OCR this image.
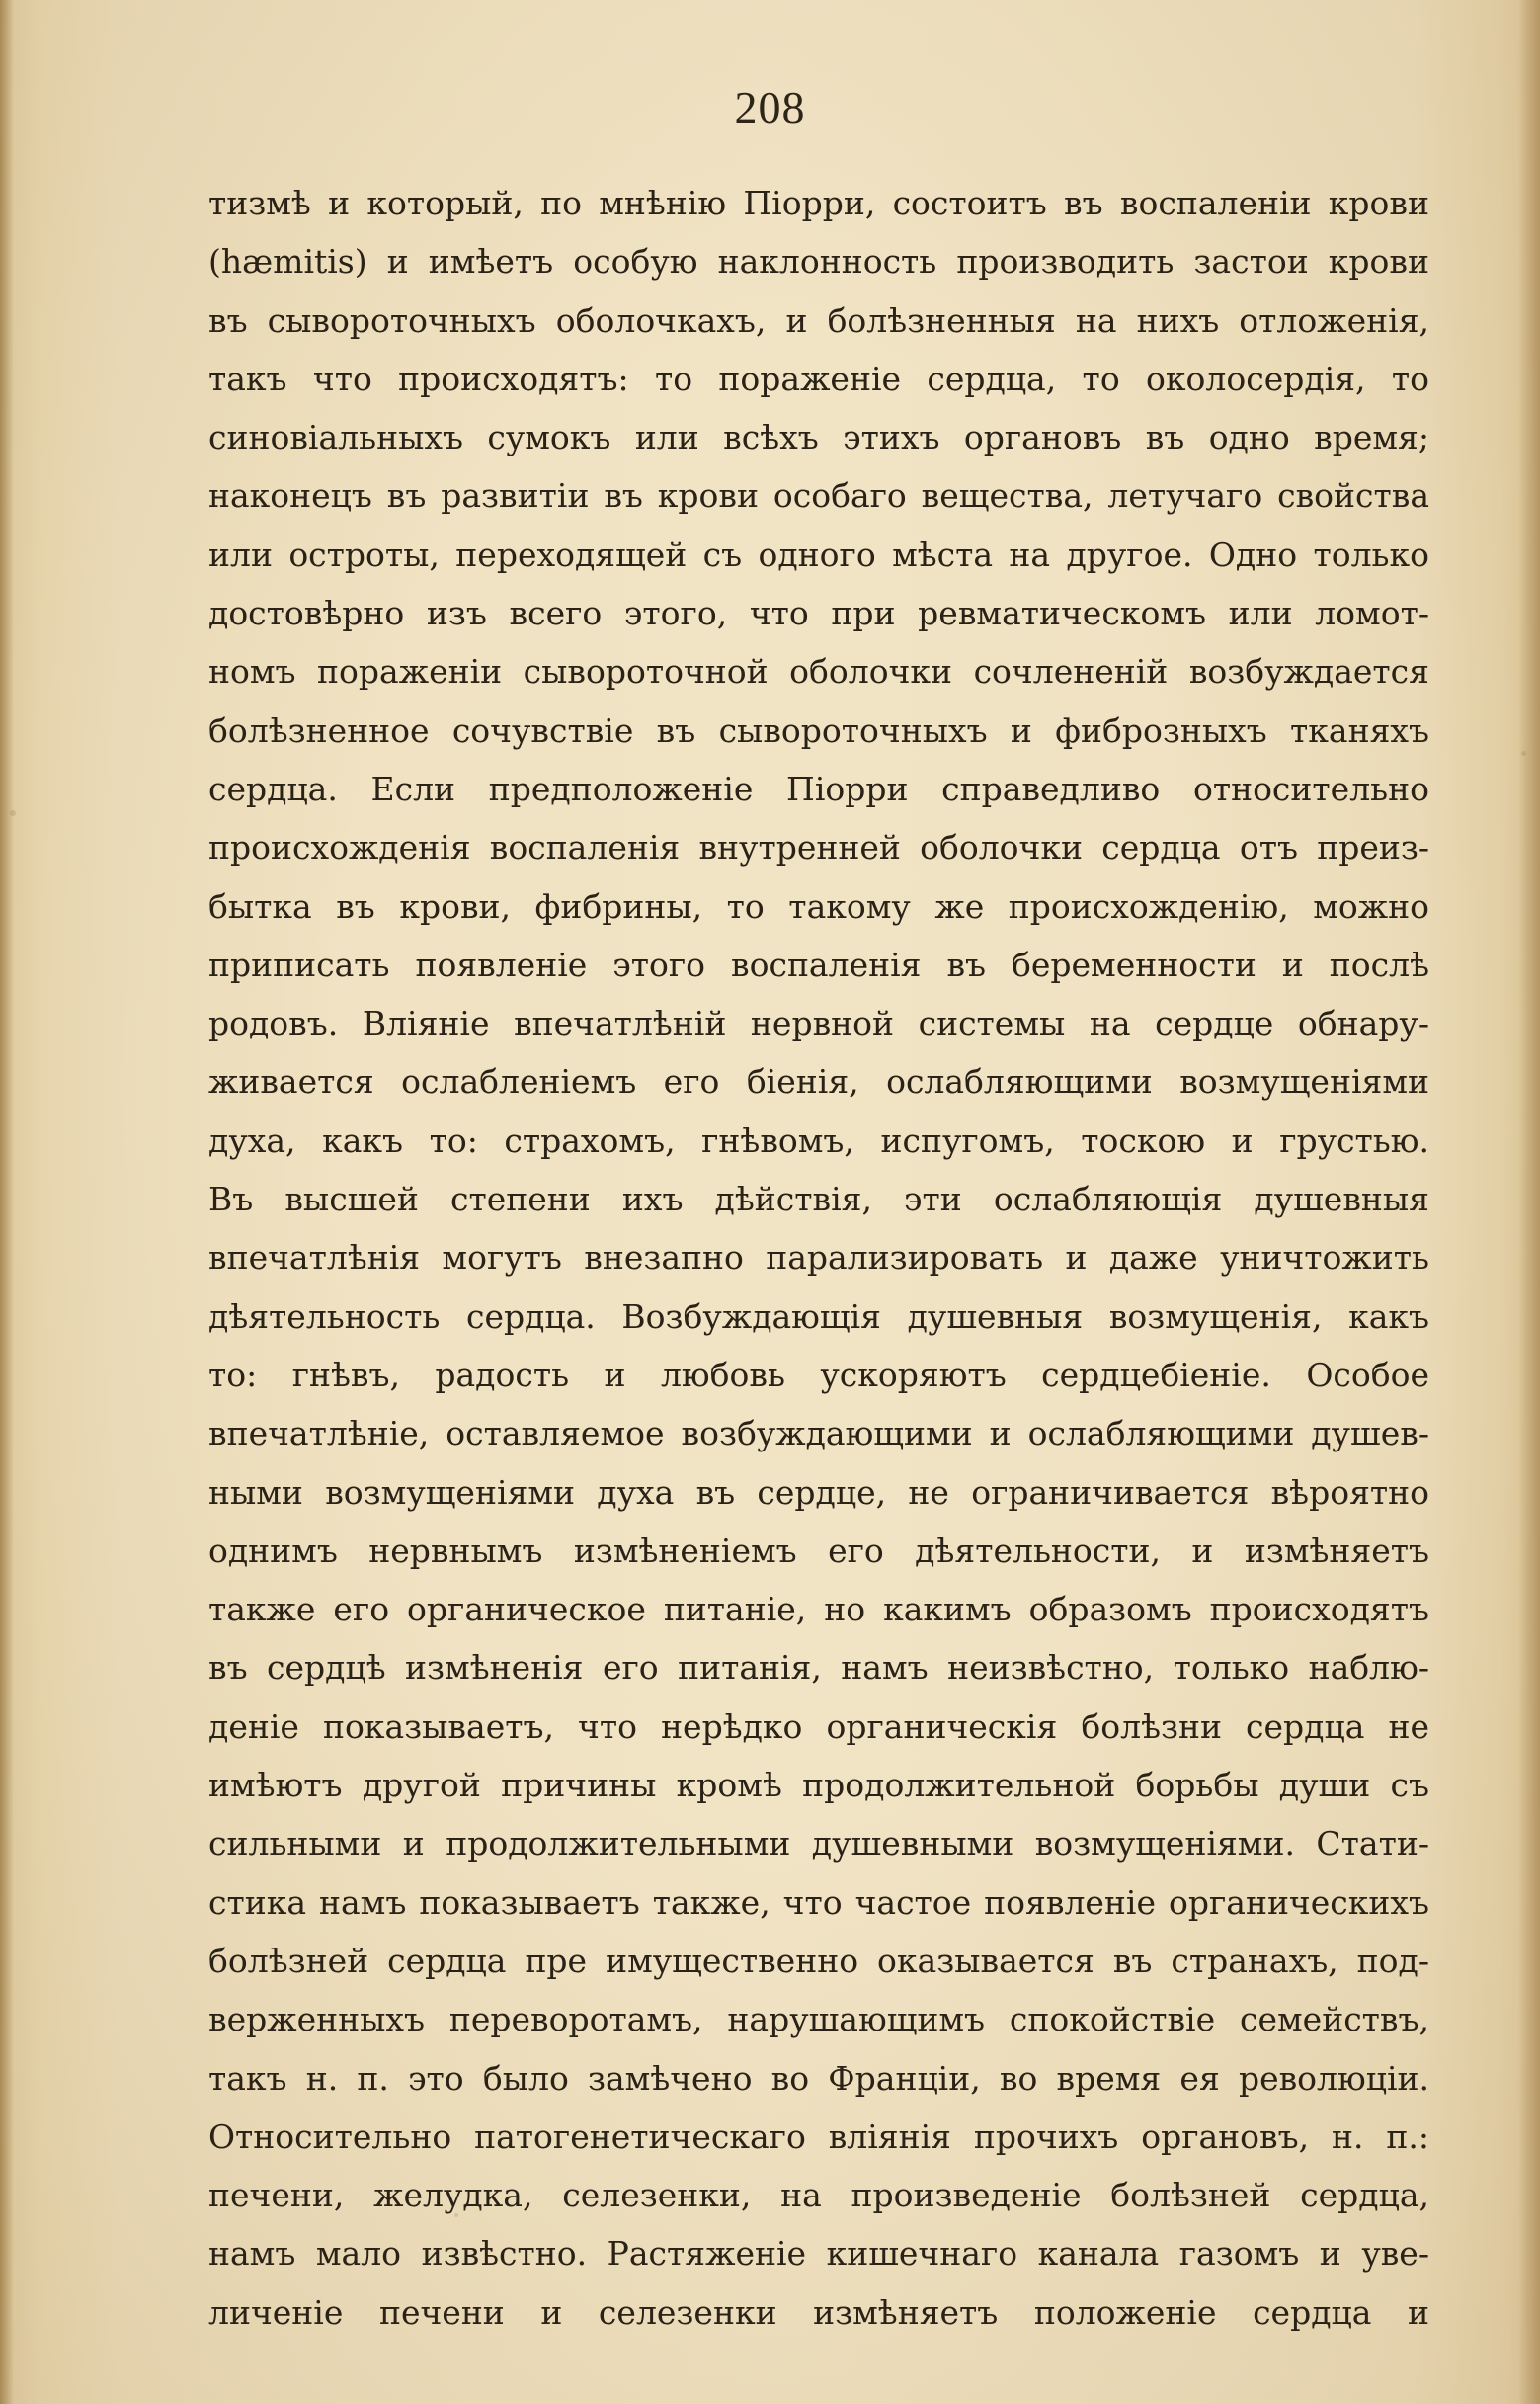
208
тизмѣ и который, по мнѣнію Піорри, состоитъ въ воспаленіи крови
(hæmitis) и имѣетъ особую наклонность производить застои крови
въ сывороточныхъ оболочкахъ, и болѣзненныя на нихъ отложенія,
такъ что происходятъ: то пораженіе сердца, то околосердія, то
синовіальныхъ сумокъ или всѣхъ этихъ органовъ въ одно время;
наконецъ въ развитіи въ крови особаго вещества, летучаго свойства
или остроты, переходящей съ одного мѣста на другое. Одно только
достовѣрно изъ всего этого, что при ревматическомъ или ломот-
номъ пораженіи сывороточной оболочки сочлененій возбуждается
болѣзненное сочувствіе въ сывороточныхъ и фиброзныхъ тканяхъ
сердца. Если предположеніе Піорри справедливо относительно
происхожденія воспаленія внутренней оболочки сердца отъ преиз-
бытка въ крови, фибрины, то такому же происхожденію, можно
приписать появленіе этого воспаленія въ беременности и послѣ
родовъ. Вліяніе впечатлѣній нервной системы на сердце обнару-
живается ослабленіемъ его біенія, ослабляющими возмущеніями
духа, какъ то: страхомъ, гнѣвомъ, испугомъ, тоскою и грустью.
Въ высшей степени ихъ дѣйствія, эти ослабляющія душевныя
впечатлѣнія могутъ внезапно парализировать и даже уничтожить
дѣятельность сердца. Возбуждающія душевныя возмущенія, какъ
то: гнѣвъ, радость и любовь ускоряютъ сердцебіеніе. Особое
впечатлѣніе, оставляемое возбуждающими и ослабляющими душев-
ными возмущеніями духа въ сердце, не ограничивается вѣроятно
однимъ нервнымъ измѣненіемъ его дѣятельности, и измѣняетъ
также его органическое питаніе, но какимъ образомъ происходятъ
въ сердцѣ измѣненія его питанія, намъ неизвѣстно, только наблю-
деніе показываетъ, что нерѣдко органическія болѣзни сердца не
имѣютъ другой причины кромѣ продолжительной борьбы души съ
сильными и продолжительными душевными возмущеніями. Стати-
стика намъ показываетъ также, что частое появленіе органическихъ
болѣзней сердца пре имущественно оказывается въ странахъ, под-
верженныхъ переворотамъ, нарушающимъ спокойствіе семействъ,
такъ н. п. это было замѣчено во Франціи, во время ея революціи.
Относительно патогенетическаго вліянія прочихъ органовъ, н. п.:
печени, желудка, селезенки, на произведеніе болѣзней сердца,
намъ мало извѣстно. Растяженіе кишечнаго канала газомъ и уве-
личеніе печени и селезенки измѣняетъ положеніе сердца и
